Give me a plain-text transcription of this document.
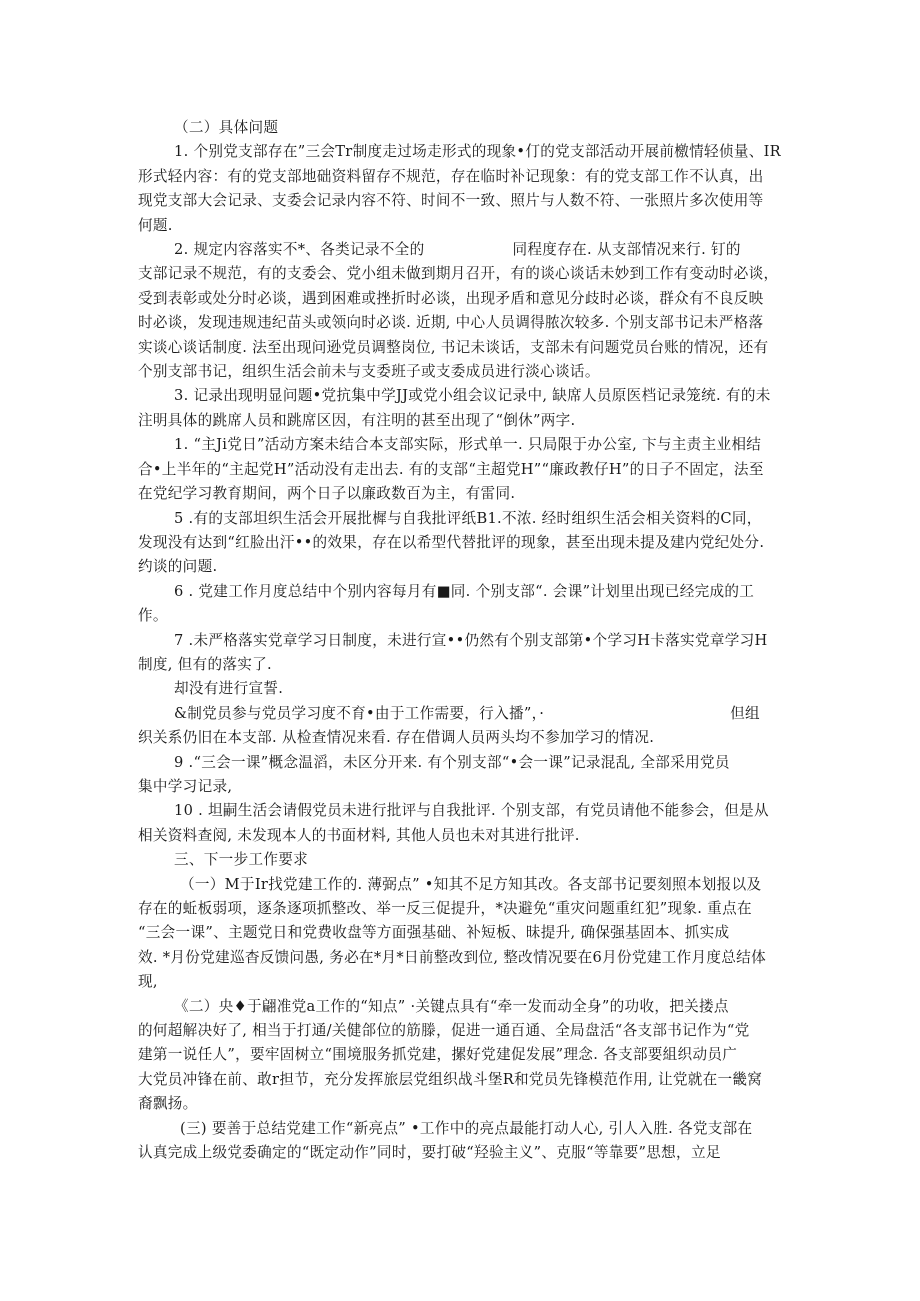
（二）具体问题

1. 个别党支部存在”三会Tr制度走过场走形式的现象•仃的党支部活动开展前檄情轻侦量、IR
形式轻内容：有的党支部地础资料留存不规范，存在临时补记现象：有的党支部工作不认真，出
现党支部大会记录、支委会记录内容不符、时间不一致、照片与人数不符、一张照片多次使用等
何题.
2. 规定内容落实不*、各类记录不全的	同程度存在. 从支部情况来行. 钉的
支部记录不规范，有的支委会、党小组未做到期月召开，有的谈心谈话未妙到工作有变动时必谈，
受到表彰或处分时必谈，遇到困难或挫折时必谈，出现矛盾和意见分歧时必谈，群众有不良反映
时必谈，发现违规违纪苗头或领向时必谈. 近期, 中心人员调得脓次较多. 个别支部书记未严格落
实谈心谈话制度. 法至出现问逊党员调整岗位, 书记未谈话，支部未有问题党员台账的情况，还有
个别支部书记，组织生活会前未与支委班子或支委成员进行淡心谈话。
3. 记录出现明显问题•党抗集中学JJ或党小组会议记录中, 缺席人员原医档记录笼统. 有的未
注明具体的跳席人员和跳席区因，有注明的甚至出现了“倒休”两字.
1. “主Ji党日”活动方案未结合本支部实际，形式单一. 只局限于办公室, 卞与主责主业相结
合•上半年的“主起党H”活动没有走出去. 有的支部“主超党H”“廉政教仔H”的日子不固定，法至
在党纪学习教育期间，两个日子以廉政数百为主，有雷同.
5 .有的支部坦织生活会开展批樨与自我批评纸B1.不浓. 经时组织生活会相关资料的C同，
发现没有达到“红脸出汗••的效果，存在以希型代替批评的现象，甚至出现未提及建内党纪处分.
约谈的问题.
6 . 党建工作月度总结中个别内容每月有■同. 个别支部“. 会课”计划里出现已经完成的工
作。
7 .未严格落实党章学习日制度，未进行宣••仍然有个别支部第•个学习H卡落实党章学习H
制度, 但有的落实了.
却没有进行宣誓.
&制党员参与党员学习度不育•由于工作需要，行入播”，·	但组
织关系仍旧在本支部. 从检查情况来看. 存在借调人员两头均不参加学习的情况.
9 .“三会一课”概念温滔，未区分开来. 有个别支部“•会一课”记录混乱, 全部采用党员
集中学习记录,
10 . 坦嗣生活会请假党员未进行批评与自我批评. 个别支部，有党员请他不能参会，但是从
相关资料查阅, 未发现本人的书面材料, 其他人员也未对其进行批评.

三、下一步工作要求

（一）M于Ir找党建工作的. 薄弼点” •知其不足方知其改。各支部书记要刻照本划报以及
存在的蚯板弱项，逐条逐项抓整改、举一反三促提升，*决避免“重灾问题重红犯”现象. 重点在
“三会一课”、主题党日和党费收盘等方面强基础、补短板、昧提升, 确保强基固本、抓实成
效. *月份党建巡杳反馈问愚, 务必在*月*日前整改到位, 整改情况要在6月份党建工作月度总结体
现,
《二）央♦于翩准党a工作的“知点” ·关键点具有“牵一发而动全身”的功收，把关搂点
的何超解决好了, 相当于打通/关健郃位的筋滕，促进一通百通、全局盘活“各支部书记作为“党
建第一说任人”，要牢固树立“围境服务抓党建，摞好党建促发展”理念. 各支部要組织动员广
大党员冲锋在前、敢r担节，充分发挥旅层党组织战斗堡R和党员先锋模范作用, 让党就在一畿窝
裔飘扬。
(三) 要善于总结党建工作“新亮点” •工作中的亮点最能打动人心, 引人入胜. 各党支部在
认真完成上级党委确定的“既定动作”同时，要打破“羟验主义”、克服“等靠要”思想，立足
